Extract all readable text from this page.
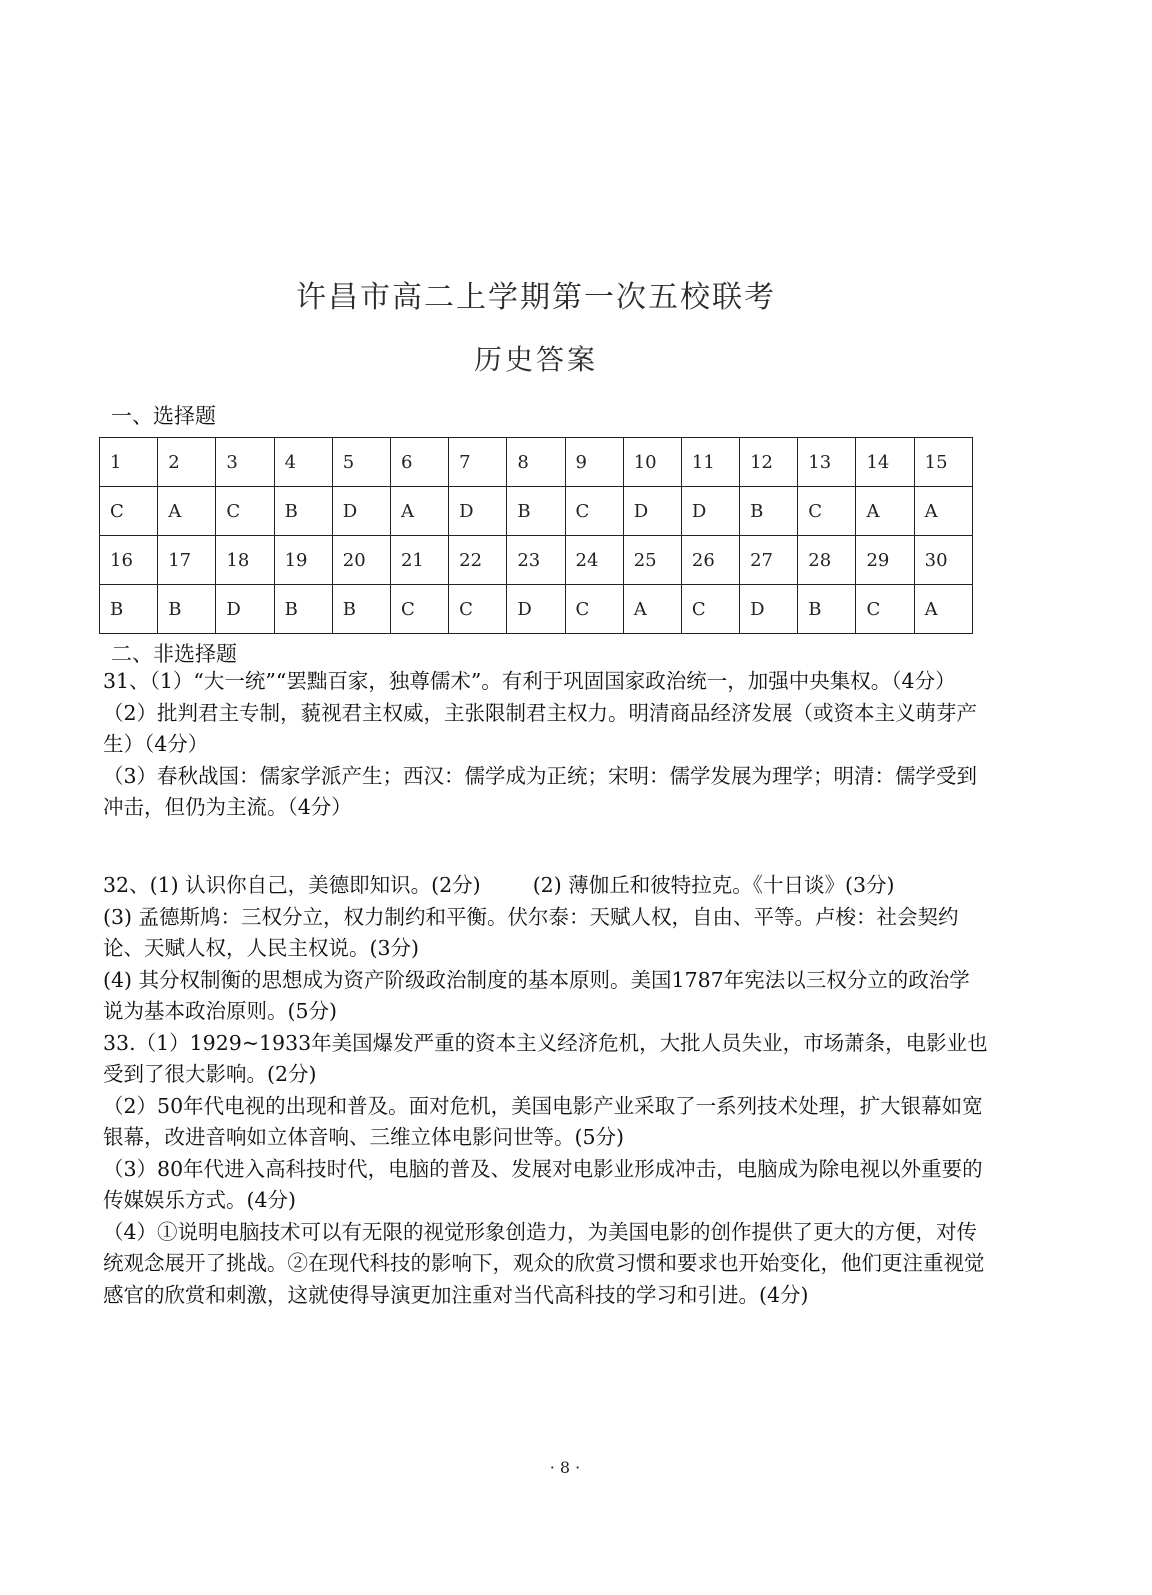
许昌市高二上学期第一次五校联考
历史答案
一、选择题
1	2	3	4	5	6	7	8	9	10	11	12	13	14	15
C	A	C	B	D	A	D	B	C	D	D	B	C	A	A
16	17	18	19	20	21	22	23	24	25	26	27	28	29	30
B	B	D	B	B	C	C	D	C	A	C	D	B	C	A
二、非选择题

31、（1）“大一统”“罢黜百家，独尊儒术”。有利于巩固国家政治统一，加强中央集权。（4分）

（2）批判君主专制，藐视君主权威，主张限制君主权力。明清商品经济发展（或资本主义萌芽产生）（4分）

（3）春秋战国：儒家学派产生；西汉：儒学成为正统；宋明：儒学发展为理学；明清：儒学受到冲击，但仍为主流。（4分）

32、(1) 认识你自己，美德即知识。(2分)	(2) 薄伽丘和彼特拉克。《十日谈》(3分)

(3) 孟德斯鸠：三权分立，权力制约和平衡。伏尔泰：天赋人权，自由、平等。卢梭：社会契约论、天赋人权，人民主权说。(3分)

(4) 其分权制衡的思想成为资产阶级政治制度的基本原则。美国1787年宪法以三权分立的政治学说为基本政治原则。(5分)

33.（1）1929~1933年美国爆发严重的资本主义经济危机，大批人员失业，市场萧条，电影业也受到了很大影响。(2分)

（2）50年代电视的出现和普及。面对危机，美国电影产业采取了一系列技术处理，扩大银幕如宽银幕，改进音响如立体音响、三维立体电影问世等。(5分)

（3）80年代进入高科技时代，电脑的普及、发展对电影业形成冲击，电脑成为除电视以外重要的传媒娱乐方式。(4分)

（4）①说明电脑技术可以有无限的视觉形象创造力，为美国电影的创作提供了更大的方便，对传统观念展开了挑战。②在现代科技的影响下，观众的欣赏习惯和要求也开始变化，他们更注重视觉感官的欣赏和刺激，这就使得导演更加注重对当代高科技的学习和引进。(4分)

· 8 ·
